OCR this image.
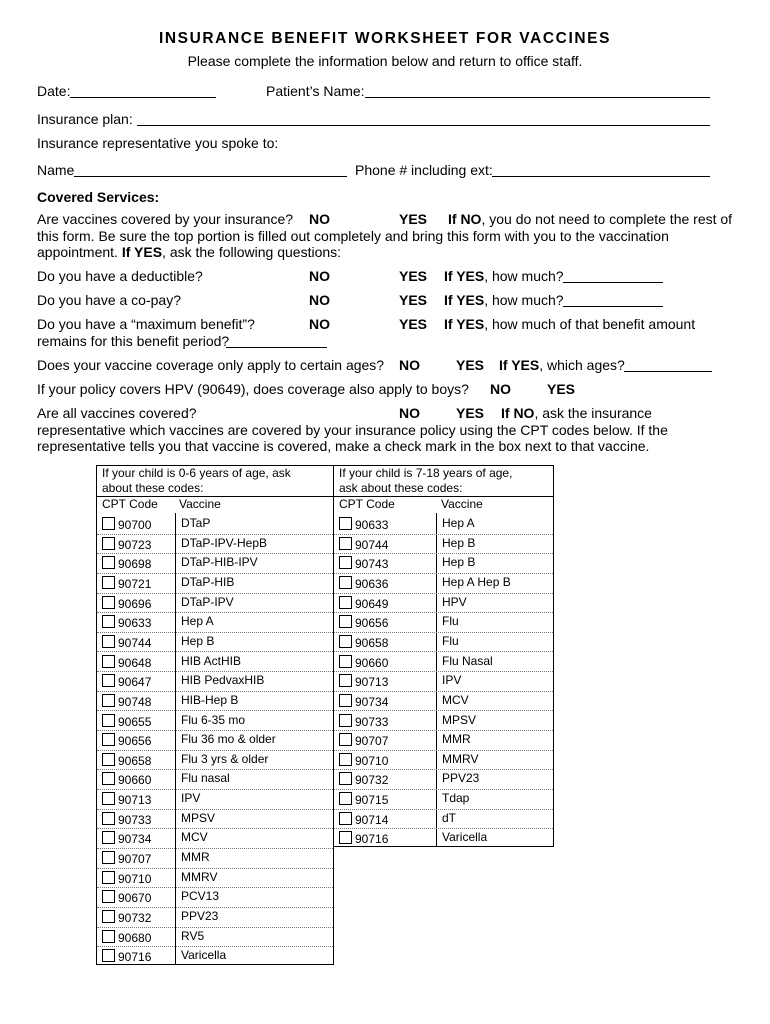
INSURANCE BENEFIT WORKSHEET FOR VACCINES
Please complete the information below and return to office staff.
Date:	Patient’s Name:
Insurance plan:
Insurance representative you spoke to:
Name	Phone # including ext:
Covered Services:
Are vaccines covered by your insurance? NO	YES If NO, you do not need to complete the rest of
this form. Be sure the top portion is filled out completely and bring this form with you to the vaccination
appointment. If YES, ask the following questions:
Do you have a deductible?	NO	YES If YES, how much?
Do you have a co-pay?	NO	YES If YES, how much?
Do you have a “maximum benefit”?	NO	YES If YES, how much of that benefit amount
remains for this benefit period?
Does your vaccine coverage only apply to certain ages? NO	YES If YES, which ages?
If your policy covers HPV (90649), does coverage also apply to boys? NO	YES
Are all vaccines covered?	NO	YES If NO, ask the insurance
representative which vaccines are covered by your insurance policy using the CPT codes below. If the
representative tells you that vaccine is covered, make a check mark in the box next to that vaccine.
If your child is 0-6 years of age, ask
about these codes:
CPT Code Vaccine
90700 DTaP
90723 DTaP-IPV-HepB
90698 DTaP-HIB-IPV
90721 DTaP-HIB
90696 DTaP-IPV
90633 Hep A
90744 Hep B
90648 HIB ActHIB
90647 HIB PedvaxHIB
90748 HIB-Hep B
90655 Flu 6-35 mo
90656 Flu 36 mo & older
90658 Flu 3 yrs & older
90660 Flu nasal
90713 IPV
90733 MPSV
90734 MCV
90707 MMR
90710 MMRV
90670 PCV13
90732 PPV23
90680 RV5
90716 Varicella
If your child is 7-18 years of age,
ask about these codes:
CPT Code	Vaccine
90633	Hep A
90744	Hep B
90743	Hep B
90636	Hep A Hep B
90649	HPV
90656	Flu
90658	Flu
90660	Flu Nasal
90713	IPV
90734	MCV
90733	MPSV
90707	MMR
90710	MMRV
90732	PPV23
90715	Tdap
90714	dT
90716	Varicella
